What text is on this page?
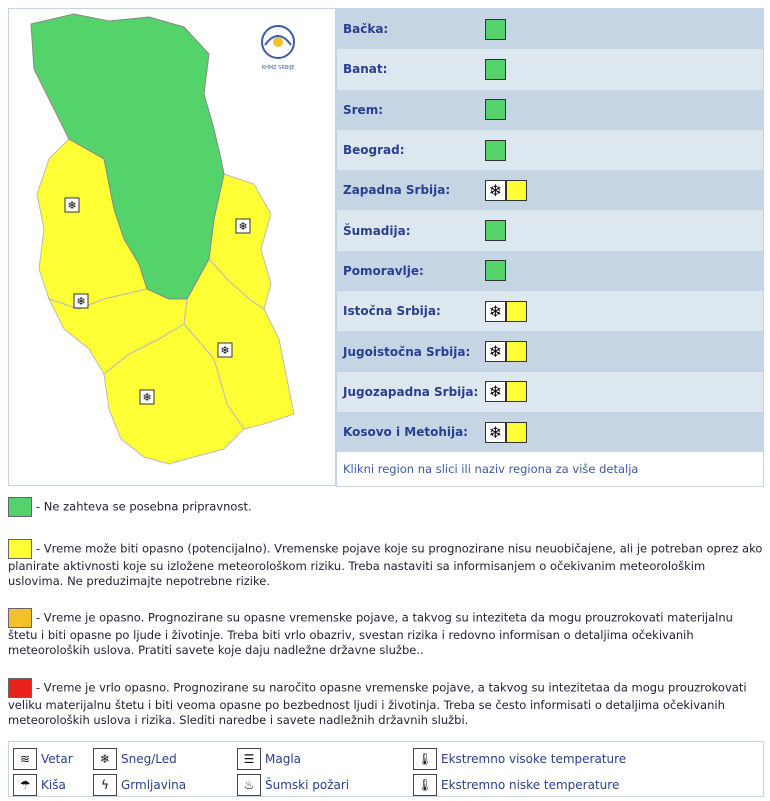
❄
❄
❄
❄
❄
RHMZ SRBIJE
Bačka:
Banat:
Srem:
Beograd:
Zapadna Srbija:	❄
Šumadija:
Pomoravlje:
Istočna Srbija:	❄
Jugoistočna Srbija:	❄
Jugozapadna Srbija: ❄
Kosovo i Metohija:	❄
Klikni region na slici ili naziv regiona za više detalja

- Ne zahteva se posebna pripravnost.

- Vreme može biti opasno (potencijalno). Vremenske pojave koje su prognozirane nisu neuobičajene, ali je potreban oprez ako planirate aktivnosti koje su izložene meteorološkom riziku. Treba nastaviti sa informisanjem o očekivanim meteorološkim uslovima. Ne preduzimajte nepotrebne rizike.

- Vreme je opasno. Prognozirane su opasne vremenske pojave, a takvog su inteziteta da mogu prouzrokovati materijalnu štetu i biti opasne po ljude i životinje. Treba biti vrlo obazriv, svestan rizika i redovno informisan o detaljima očekivanih meteoroloških uslova. Pratiti savete koje daju nadležne državne službe..

- Vreme je vrlo opasno. Prognozirane su naročito opasne vremenske pojave, a takvog su intezitetaa da mogu prouzrokovati veliku materijalnu štetu i biti veoma opasne po bezbednost ljudi i životinja. Treba se često informisati o detaljima očekivanih meteoroloških uslova i rizika. Slediti naredbe i savete nadležnih državnih službi.

≋ Vetar	❄ Sneg/Led	☰ Magla	🌡 Ekstremno visoke temperature
☂ Kiša	ϟ	Grmljavina	♨ Šumski požari	🌡 Ekstremno niske temperature
